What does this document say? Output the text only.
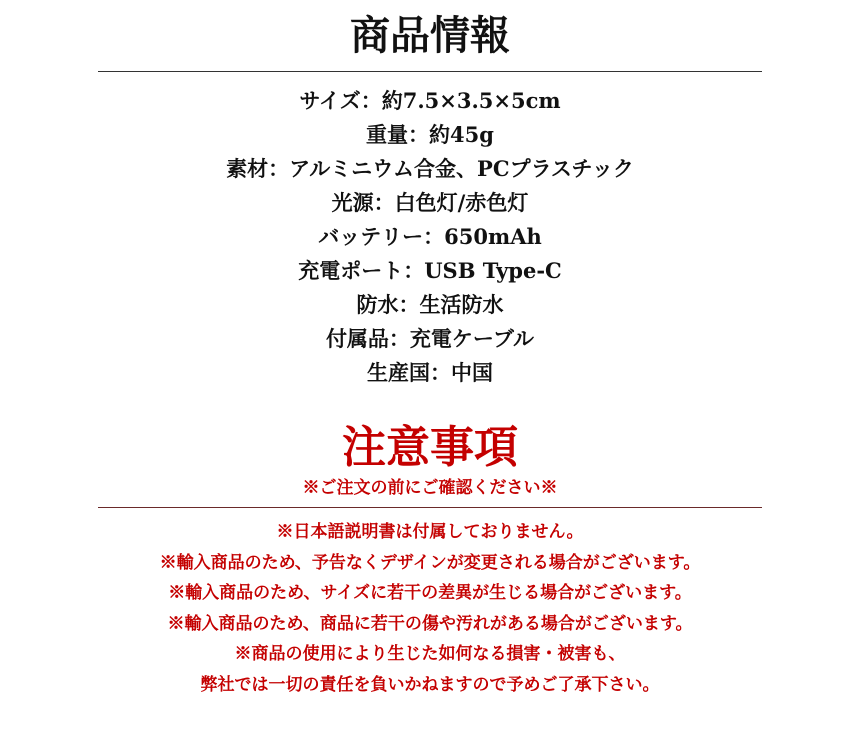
商品情報
サイズ：約7.5×3.5×5cm
重量：約45g
素材：アルミニウム合金、PCプラスチック
光源：白色灯/赤色灯
バッテリー：650mAh
充電ポート：USB Type-C
防水：生活防水
付属品：充電ケーブル
生産国：中国
注意事項
※ご注文の前にご確認ください※
※日本語説明書は付属しておりません。
※輸入商品のため、予告なくデザインが変更される場合がございます。
※輸入商品のため、サイズに若干の差異が生じる場合がございます。
※輸入商品のため、商品に若干の傷や汚れがある場合がございます。
※商品の使用により生じた如何なる損害・被害も、
弊社では一切の責任を負いかねますので予めご了承下さい。
